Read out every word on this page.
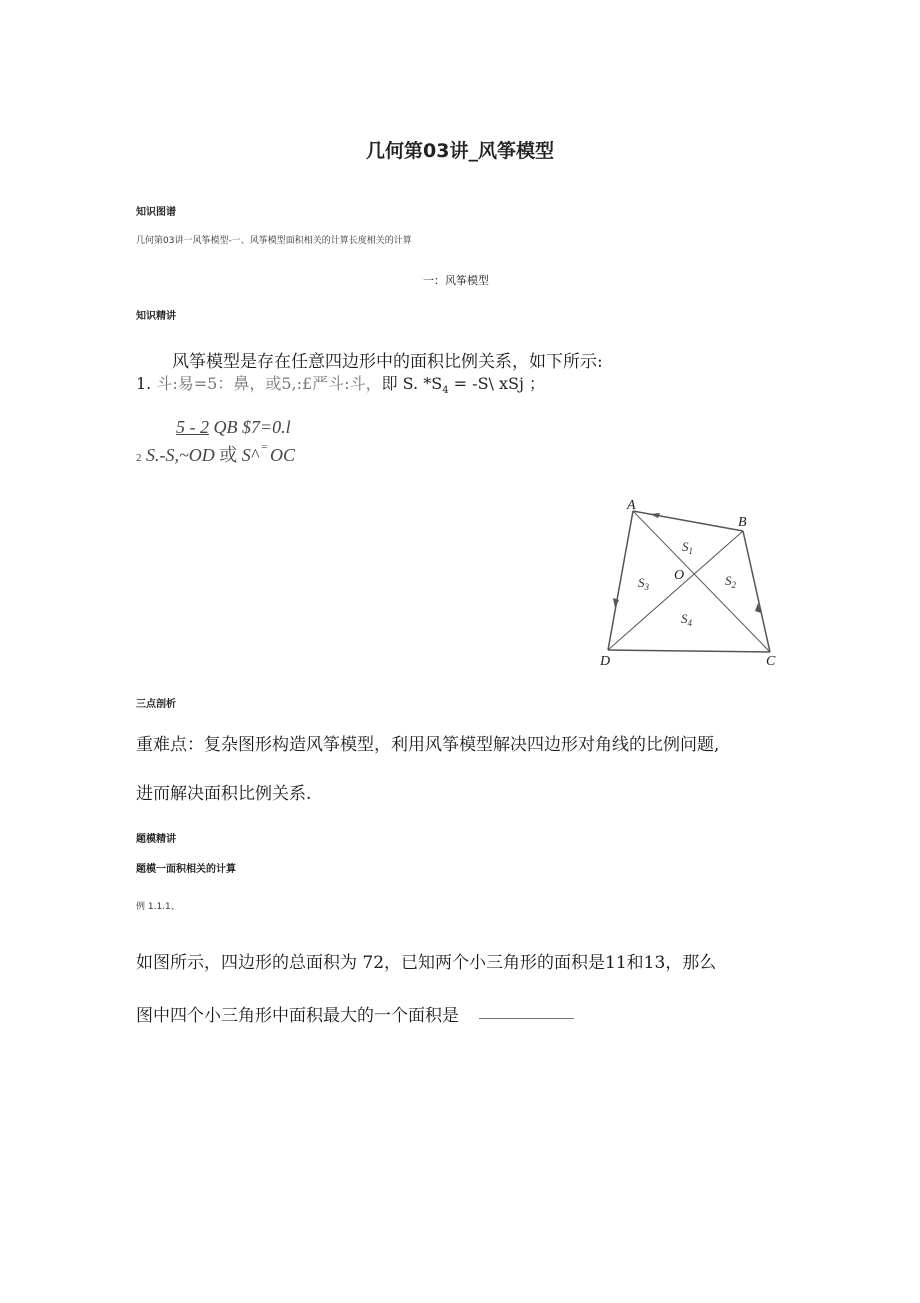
几何第03讲_风筝模型
知识图谱
几何第03讲一风筝模型-一、风筝模型面积相关的计算长度相关的计算
一：风筝模型
知识精讲
风筝模型是存在任意四边形中的面积比例关系，如下所示:
1. 斗:易=5：鼻，或5,:£严斗:斗，即 S. $*S_4$ = -S\ xSj ；
5 - 2 QB $7=0.l
2 S.-S,~OD 或 S^ = OC
A
B
C
D
O
$S_1$
$S_2$
$S_3$
$S_4$
三点剖析
重难点：复杂图形构造风筝模型，利用风筝模型解决四边形对角线的比例问题,
进而解决面积比例关系.
题模精讲
题模一面积相关的计算
例 1.1.1、
如图所示，四边形的总面积为 72，已知两个小三角形的面积是11和13，那么
图中四个小三角形中面积最大的一个面积是
